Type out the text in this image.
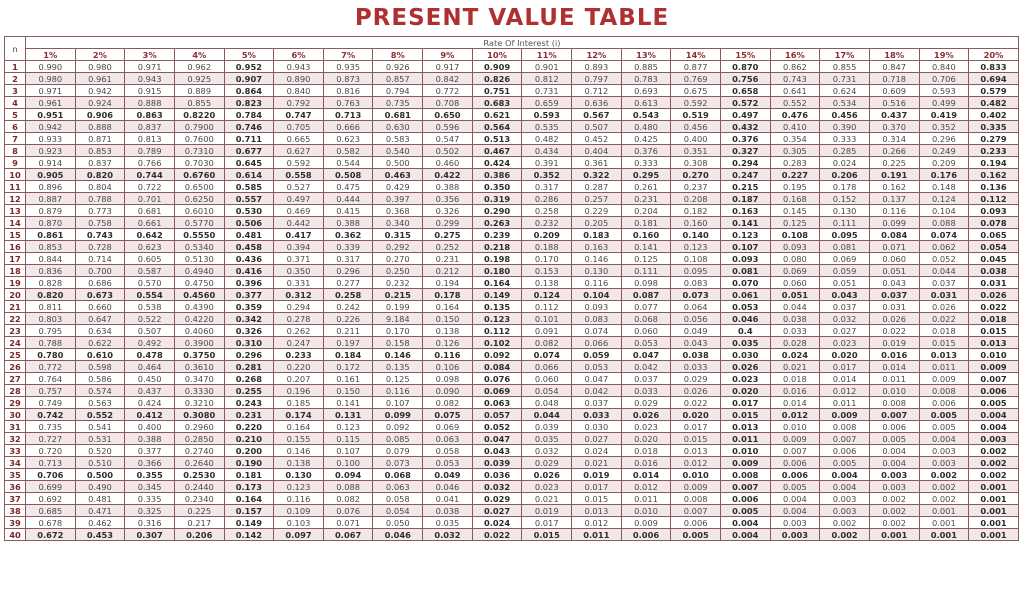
PRESENT VALUE TABLE
n	Rate Of Interest (i)																			
	1%	2%	3%	4%	5%	6%	7%	8%	9%	10%	11%	12%	13%	14%	15%	16%	17%	18%	19%	20%
1	0.990	0.980	0.971	0.962	0.952	0.943	0.935	0.926	0.917	0.909	0.901	0.893	0.885	0.877	0.870	0.862	0.855	0.847	0.840	0.833
2	0.980	0.961	0.943	0.925	0.907	0.890	0.873	0.857	0.842	0.826	0.812	0.797	0.783	0.769	0.756	0.743	0.731	0.718	0.706	0.694
3	0.971	0.942	0.915	0.889	0.864	0.840	0.816	0.794	0.772	0.751	0.731	0.712	0.693	0.675	0.658	0.641	0.624	0.609	0.593	0.579
4	0.961	0.924	0.888	0.855	0.823	0.792	0.763	0.735	0.708	0.683	0.659	0.636	0.613	0.592	0.572	0.552	0.534	0.516	0.499	0.482
5	0.951	0.906	0.863	0.8220	0.784	0.747	0.713	0.681	0.650	0.621	0.593	0.567	0.543	0.519	0.497	0.476	0.456	0.437	0.419	0.402
6	0.942	0.888	0.837	0.7900	0.746	0.705	0.666	0.630	0.596	0.564	0.535	0.507	0.480	0.456	0.432	0.410	0.390	0.370	0.352	0.335
7	0.933	0.871	0.813	0.7600	0.711	0.665	0.623	0.583	0.547	0.513	0.482	0.452	0.425	0.400	0.376	0.354	0.333	0.314	0.296	0.279
8	0.923	0.853	0.789	0.7310	0.677	0.627	0.582	0.540	0.502	0.467	0.434	0.404	0.376	0.351	0.327	0.305	0.285	0.266	0.249	0.233
9	0.914	0.837	0.766	0.7030	0.645	0.592	0.544	0.500	0.460	0.424	0.391	0.361	0.333	0.308	0.294	0.283	0.024	0.225	0.209	0.194
10	0.905	0.820	0.744	0.6760	0.614	0.558	0.508	0.463	0.422	0.386	0.352	0.322	0.295	0.270	0.247	0.227	0.206	0.191	0.176	0.162
11	0.896	0.804	0.722	0.6500	0.585	0.527	0.475	0.429	0.388	0.350	0.317	0.287	0.261	0.237	0.215	0.195	0.178	0.162	0.148	0.136
12	0.887	0.788	0.701	0.6250	0.557	0.497	0.444	0.397	0.356	0.319	0.286	0.257	0.231	0.208	0.187	0.168	0.152	0.137	0.124	0.112
13	0.879	0.773	0.681	0.6010	0.530	0.469	0.415	0.368	0.326	0.290	0.258	0.229	0.204	0.182	0.163	0.145	0.130	0.116	0.104	0.093
14	0.870	0.758	0.661	0.5770	0.506	0.442	0.388	0.340	0.299	0.263	0.232	0.205	0.181	0.160	0.141	0.125	0.111	0.099	0.088	0.078
15	0.861	0.743	0.642	0.5550	0.481	0.417	0.362	0.315	0.275	0.239	0.209	0.183	0.160	0.140	0.123	0.108	0.095	0.084	0.074	0.065
16	0.853	0.728	0.623	0.5340	0.458	0.394	0.339	0.292	0.252	0.218	0.188	0.163	0.141	0.123	0.107	0.093	0.081	0.071	0.062	0.054
17	0.844	0.714	0.605	0.5130	0.436	0.371	0.317	0.270	0.231	0.198	0.170	0.146	0.125	0.108	0.093	0.080	0.069	0.060	0.052	0.045
18	0.836	0.700	0.587	0.4940	0.416	0.350	0.296	0.250	0.212	0.180	0.153	0.130	0.111	0.095	0.081	0.069	0.059	0.051	0.044	0.038
19	0.828	0.686	0.570	0.4750	0.396	0.331	0.277	0.232	0.194	0.164	0.138	0.116	0.098	0.083	0.070	0.060	0.051	0.043	0.037	0.031
20	0.820	0.673	0.554	0.4560	0.377	0.312	0.258	0.215	0.178	0.149	0.124	0.104	0.087	0.073	0.061	0.051	0.043	0.037	0.031	0.026
21	0.811	0.660	0.538	0.4390	0.359	0.294	0.242	0.199	0.164	0.135	0.112	0.093	0.077	0.064	0.053	0.044	0.037	0.031	0.026	0.022
22	0.803	0.647	0.522	0.4220	0.342	0.278	0.226	9.184	0.150	0.123	0.101	0.083	0.068	0.056	0.046	0.038	0.032	0.026	0.022	0.018
23	0.795	0.634	0.507	0.4060	0.326	0.262	0.211	0.170	0.138	0.112	0.091	0.074	0.060	0.049	0.4	0.033	0.027	0.022	0.018	0.015
24	0.788	0.622	0.492	0.3900	0.310	0.247	0.197	0.158	0.126	0.102	0.082	0.066	0.053	0.043	0.035	0.028	0.023	0.019	0.015	0.013
25	0.780	0.610	0.478	0.3750	0.296	0.233	0.184	0.146	0.116	0.092	0.074	0.059	0.047	0.038	0.030	0.024	0.020	0.016	0.013	0.010
26	0.772	0.598	0.464	0.3610	0.281	0.220	0.172	0.135	0.106	0.084	0.066	0.053	0.042	0.033	0.026	0.021	0.017	0.014	0.011	0.009
27	0.764	0.586	0.450	0.3470	0.268	0.207	0.161	0.125	0.098	0.076	0.060	0.047	0.037	0.029	0.023	0.018	0.014	0.011	0.009	0.007
28	0.757	0.574	0.437	0.3330	0.255	0.196	0.150	0.116	0.090	0.069	0.054	0.042	0.033	0.026	0.020	0.016	0.012	0.010	0.008	0.006
29	0.749	0.563	0.424	0.3210	0.243	0.185	0.141	0.107	0.082	0.063	0.048	0.037	0.029	0.022	0.017	0.014	0.011	0.008	0.006	0.005
30	0.742	0.552	0.412	0.3080	0.231	0.174	0.131	0.099	0.075	0.057	0.044	0.033	0.026	0.020	0.015	0.012	0.009	0.007	0.005	0.004
31	0.735	0.541	0.400	0.2960	0.220	0.164	0.123	0.092	0.069	0.052	0.039	0.030	0.023	0.017	0.013	0.010	0.008	0.006	0.005	0.004
32	0.727	0.531	0.388	0.2850	0.210	0.155	0.115	0.085	0.063	0.047	0.035	0.027	0.020	0.015	0.011	0.009	0.007	0.005	0.004	0.003
33	0.720	0.520	0.377	0.2740	0.200	0.146	0.107	0.079	0.058	0.043	0.032	0.024	0.018	0.013	0.010	0.007	0.006	0.004	0.003	0.002
34	0.713	0.510	0.366	0.2640	0.190	0.138	0.100	0.073	0.053	0.039	0.029	0.021	0.016	0.012	0.009	0.006	0.005	0.004	0.003	0.002
35	0.706	0.500	0.355	0.2530	0.181	0.130	0.094	0.068	0.049	0.036	0.026	0.019	0.014	0.010	0.008	0.006	0.004	0.003	0.002	0.002
36	0.699	0.490	0.345	0.2440	0.173	0.123	0.088	0.063	0.046	0.032	0.023	0.017	0.012	0.009	0.007	0.005	0.004	0.003	0.002	0.001
37	0.692	0.481	0.335	0.2340	0.164	0.116	0.082	0.058	0.041	0.029	0.021	0.015	0.011	0.008	0.006	0.004	0.003	0.002	0.002	0.001
38	0.685	0.471	0.325	0.225	0.157	0.109	0.076	0.054	0.038	0.027	0.019	0.013	0.010	0.007	0.005	0.004	0.003	0.002	0.001	0.001
39	0.678	0.462	0.316	0.217	0.149	0.103	0.071	0.050	0.035	0.024	0.017	0.012	0.009	0.006	0.004	0.003	0.002	0.002	0.001	0.001
40	0.672	0.453	0.307	0.206	0.142	0.097	0.067	0.046	0.032	0.022	0.015	0.011	0.006	0.005	0.004	0.003	0.002	0.001	0.001	0.001
